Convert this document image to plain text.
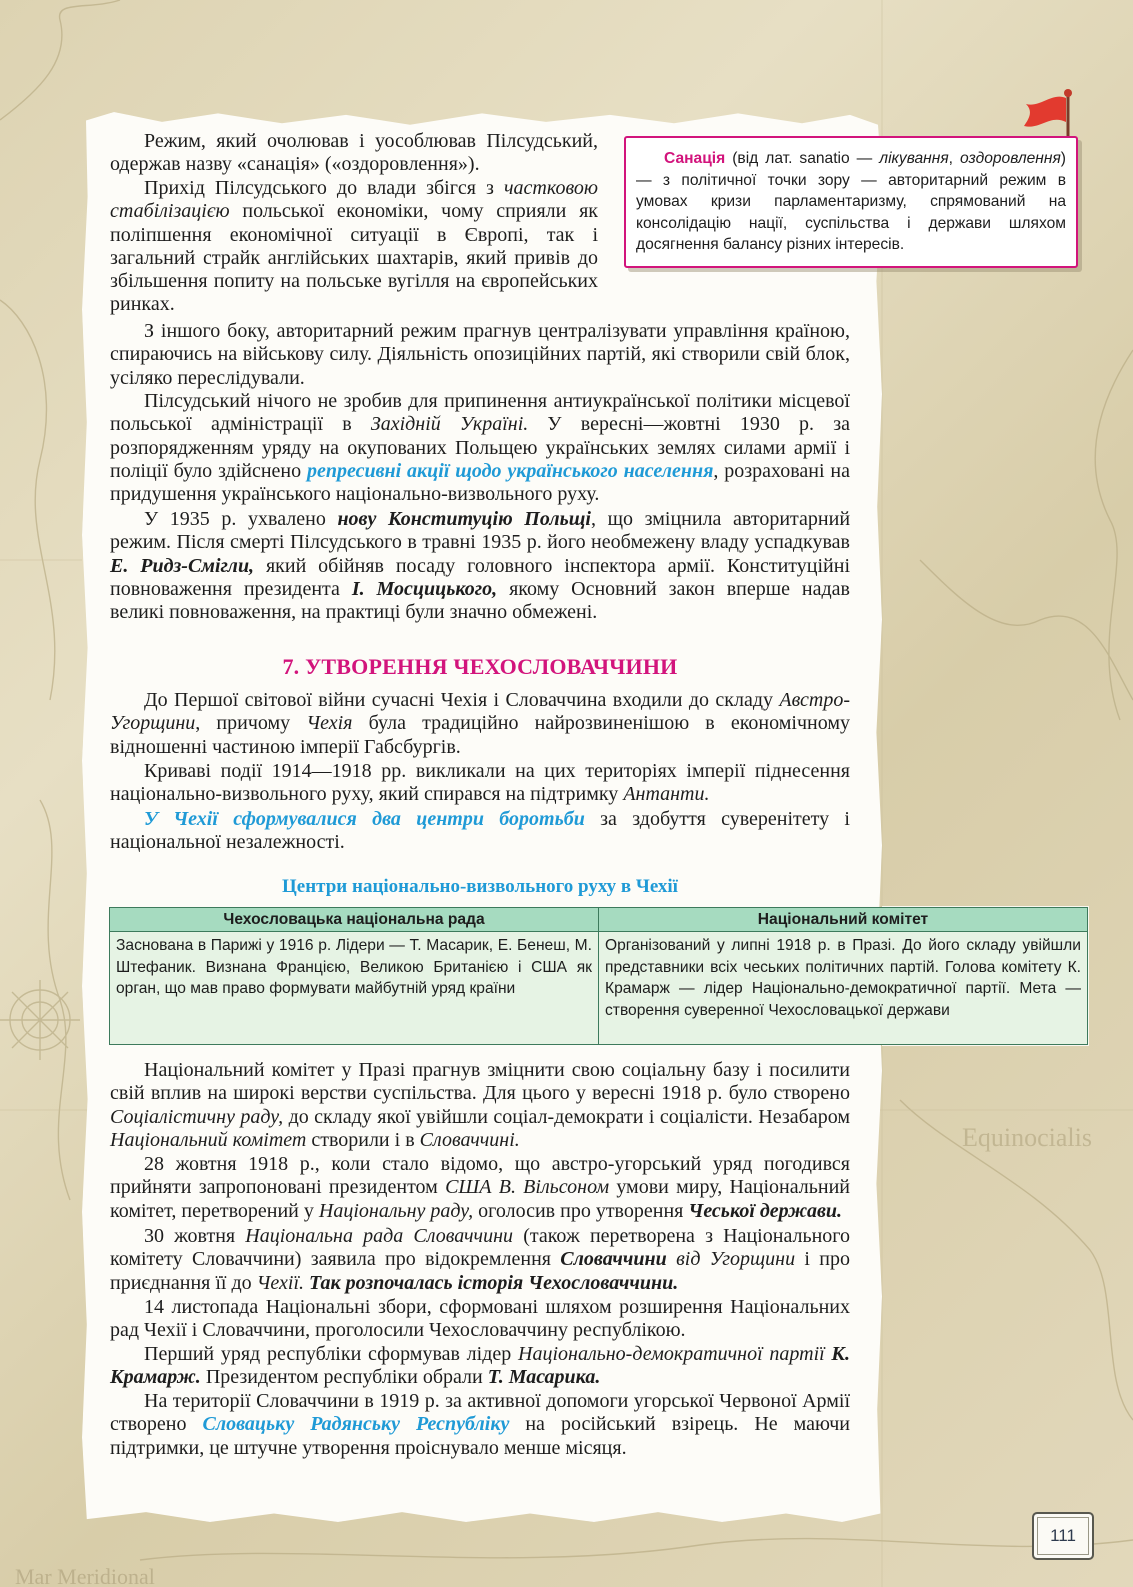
Mar Meridional
Equinocialis

Санація (від лат. sanatio — лікування, оздоровлення) — з політичної точки зору — авторитарний режим в умовах кризи парламентаризму, спрямований на консолідацію нації, суспільства і держави шляхом досягнення балансу різних інтересів.

Режим, який очолював і уособлював Пілсудський, одержав назву «санація» («оздоровлення»).

Прихід Пілсудського до влади збігся з частковою стабілізацією польської економіки, чому сприяли як поліпшення економічної ситуації в Європі, так і загальний страйк англійських шахтарів, який привів до збільшення попиту на польське вугілля на європейських ринках.

З іншого боку, авторитарний режим прагнув централізувати управління країною, спираючись на військову силу. Діяльність опозиційних партій, які створили свій блок, усіляко переслідували.

Пілсудський нічого не зробив для припинення антиукраїнської політики місцевої польської адміністрації в Західній Україні. У вересні—жовтні 1930 р. за розпорядженням уряду на окупованих Польщею українських землях силами армії і поліції було здійснено репресивні акції щодо українського населення, розраховані на придушення українського національно-визвольного руху.

У 1935 р. ухвалено нову Конституцію Польщі, що зміцнила авторитарний режим. Після смерті Пілсудського в травні 1935 р. його необмежену владу успадкував Е. Ридз-Смігли, який обійняв посаду головного інспектора армії. Конституційні повноваження президента І. Мосцицького, якому Основний закон вперше надав великі повноваження, на практиці були значно обмежені.

7. УТВОРЕННЯ ЧЕХОСЛОВАЧЧИНИ

До Першої світової війни сучасні Чехія і Словаччина входили до складу Австро-Угорщини, причому Чехія була традиційно найрозвиненішою в економічному відношенні частиною імперії Габсбургів.

Криваві події 1914—1918 рр. викликали на цих територіях імперії піднесення національно-визвольного руху, який спирався на підтримку Антанти.

У Чехії сформувалися два центри боротьби за здобуття суверенітету і національної незалежності.

Центри національно-визвольного руху в Чехії

Чехословацька національна рада	Національний комітет
Заснована в Парижі у 1916 р. Лідери — Т. Масарик, Е. Бенеш, М. Штефаник. Визнана Францією, Великою Британією і США як орган, що мав право формувати майбутній уряд країни	Організований у липні 1918 р. в Празі. До його складу увійшли представники всіх чеських політичних партій. Голова комітету К. Крамарж — лідер Національно-демократичної партії. Мета — створення суверенної Чехословацької держави

Національний комітет у Празі прагнув зміцнити свою соціальну базу і посилити свій вплив на широкі верстви суспільства. Для цього у вересні 1918 р. було створено Соціалістичну раду, до складу якої увійшли соціал-демократи і соціалісти. Незабаром Національний комітет створили і в Словаччині.

28 жовтня 1918 р., коли стало відомо, що австро-угорський уряд погодився прийняти запропоновані президентом США В. Вільсоном умови миру, Національний комітет, перетворений у Національну раду, оголосив про утворення Чеської держави.

30 жовтня Національна рада Словаччини (також перетворена з Національного комітету Словаччини) заявила про відокремлення Словаччини від Угорщини і про приєднання її до Чехії. Так розпочалась історія Чехословаччини.

14 листопада Національні збори, сформовані шляхом розширення Національних рад Чехії і Словаччини, проголосили Чехословаччину республікою.

Перший уряд республіки сформував лідер Національно-демократичної партії К. Крамарж. Президентом республіки обрали Т. Масарика.

На території Словаччини в 1919 р. за активної допомоги угорської Червоної Армії створено Словацьку Радянську Республіку на російський взірець. Не маючи підтримки, це штучне утворення проіснувало менше місяця.

111
